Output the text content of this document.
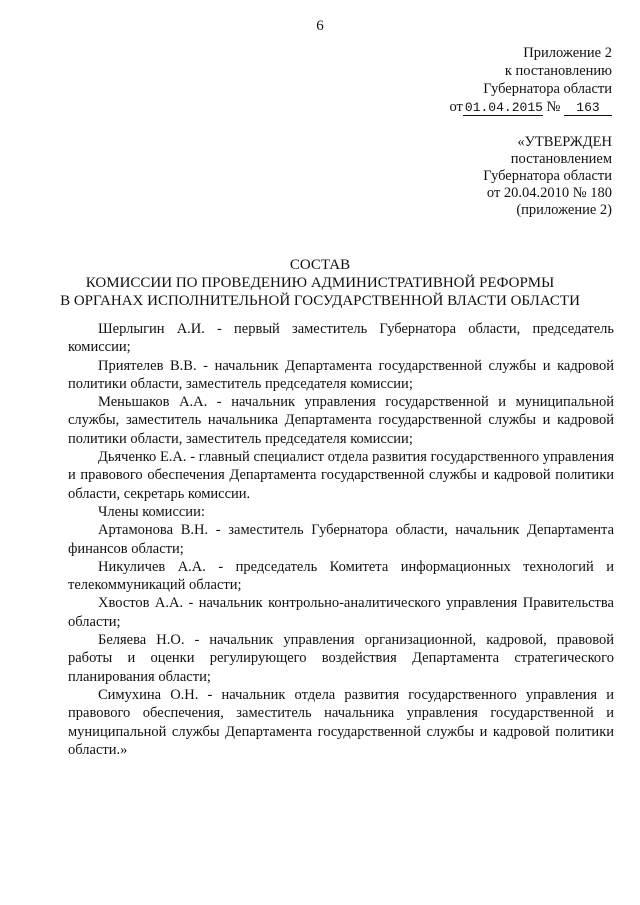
6
Приложение 2
к постановлению
Губернатора области
от 01.04.2015 № 163
«УТВЕРЖДЕН
постановлением
Губернатора области
от 20.04.2010 № 180
(приложение 2)
СОСТАВ
КОМИССИИ ПО ПРОВЕДЕНИЮ АДМИНИСТРАТИВНОЙ РЕФОРМЫ
В ОРГАНАХ ИСПОЛНИТЕЛЬНОЙ ГОСУДАРСТВЕННОЙ ВЛАСТИ ОБЛАСТИ

Шерлыгин А.И. - первый заместитель Губернатора области, председатель комиссии;

Приятелев В.В. - начальник Департамента государственной службы и кадровой политики области, заместитель председателя комиссии;

Меньшаков А.А. - начальник управления государственной и муниципальной службы, заместитель начальника Департамента государственной службы и кадровой политики области, заместитель председателя комиссии;

Дьяченко Е.А. - главный специалист отдела развития государственного управления и правового обеспечения Департамента государственной службы и кадровой политики области, секретарь комиссии.

Члены комиссии:

Артамонова В.Н. - заместитель Губернатора области, начальник Департамента финансов области;

Никуличев А.А. - председатель Комитета информационных технологий и телекоммуникаций области;

Хвостов А.А. - начальник контрольно-аналитического управления Правительства области;

Беляева Н.О. - начальник управления организационной, кадровой, правовой работы и оценки регулирующего воздействия Департамента стратегического планирования области;

Симухина О.Н. - начальник отдела развития государственного управления и правового обеспечения, заместитель начальника управления государственной и муниципальной службы Департамента государственной службы и кадровой политики области.»
